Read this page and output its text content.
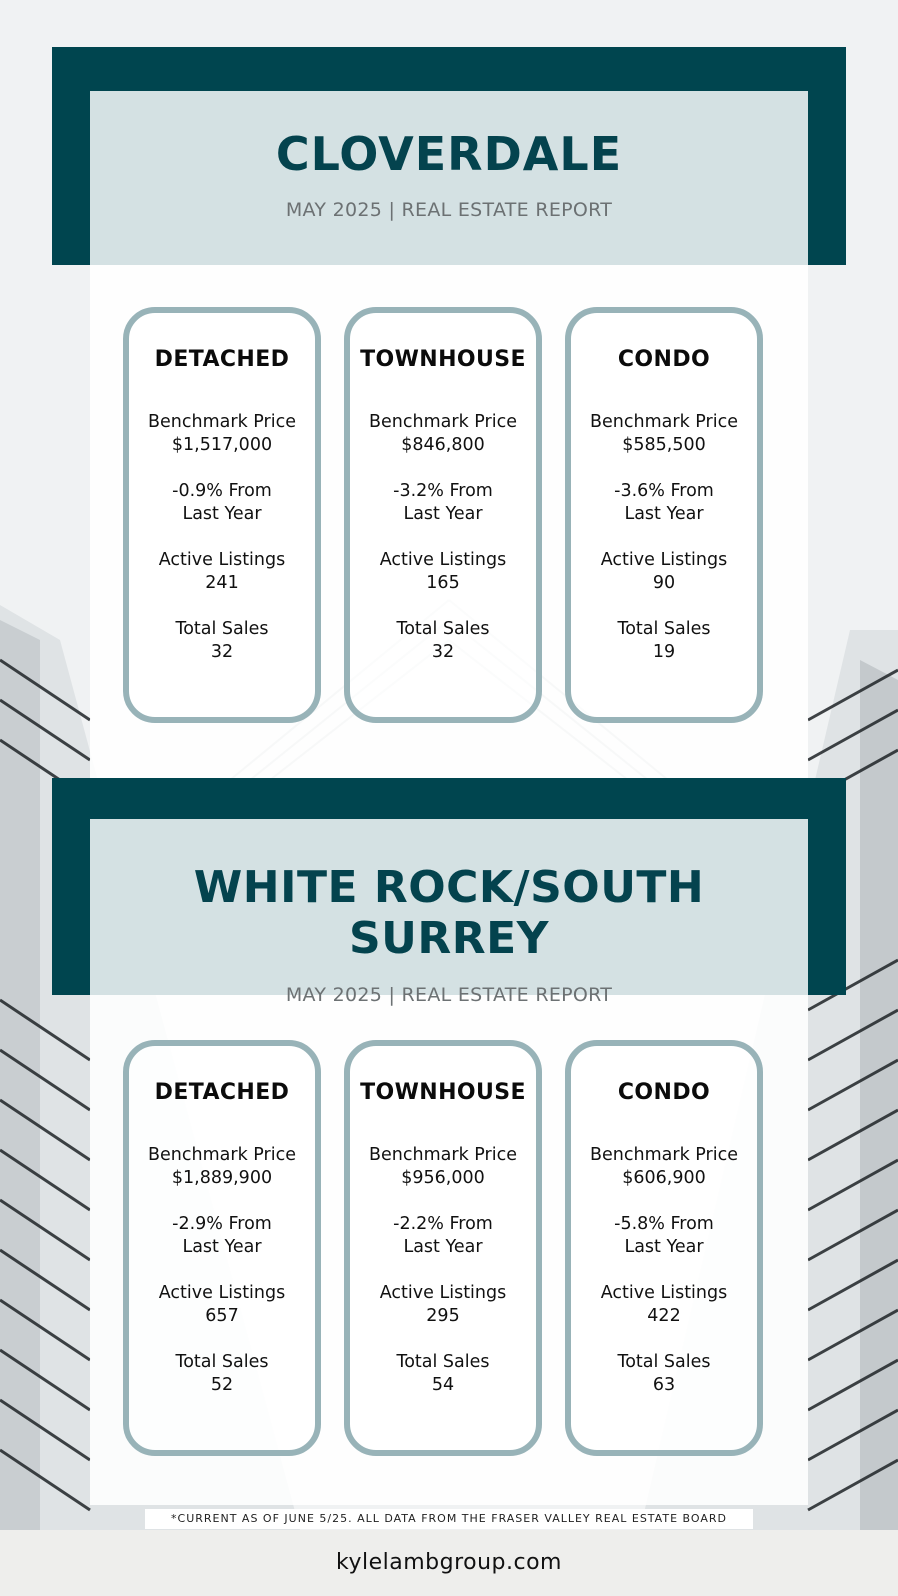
CLOVERDALE
MAY 2025 | REAL ESTATE REPORT
DETACHED
Benchmark Price
$1,517,000
-0.9% From
Last Year
Active Listings
241
Total Sales
32
TOWNHOUSE
Benchmark Price
$846,800
-3.2% From
Last Year
Active Listings
165
Total Sales
32
CONDO
Benchmark Price
$585,500
-3.6% From
Last Year
Active Listings
90
Total Sales
19
WHITE ROCK/SOUTH SURREY
MAY 2025 | REAL ESTATE REPORT
DETACHED
Benchmark Price
$1,889,900
-2.9% From
Last Year
Active Listings
657
Total Sales
52
TOWNHOUSE
Benchmark Price
$956,000
-2.2% From
Last Year
Active Listings
295
Total Sales
54
CONDO
Benchmark Price
$606,900
-5.8% From
Last Year
Active Listings
422
Total Sales
63
*CURRENT AS OF JUNE 5/25. ALL DATA FROM THE FRASER VALLEY REAL ESTATE BOARD
kylelambgroup.com
